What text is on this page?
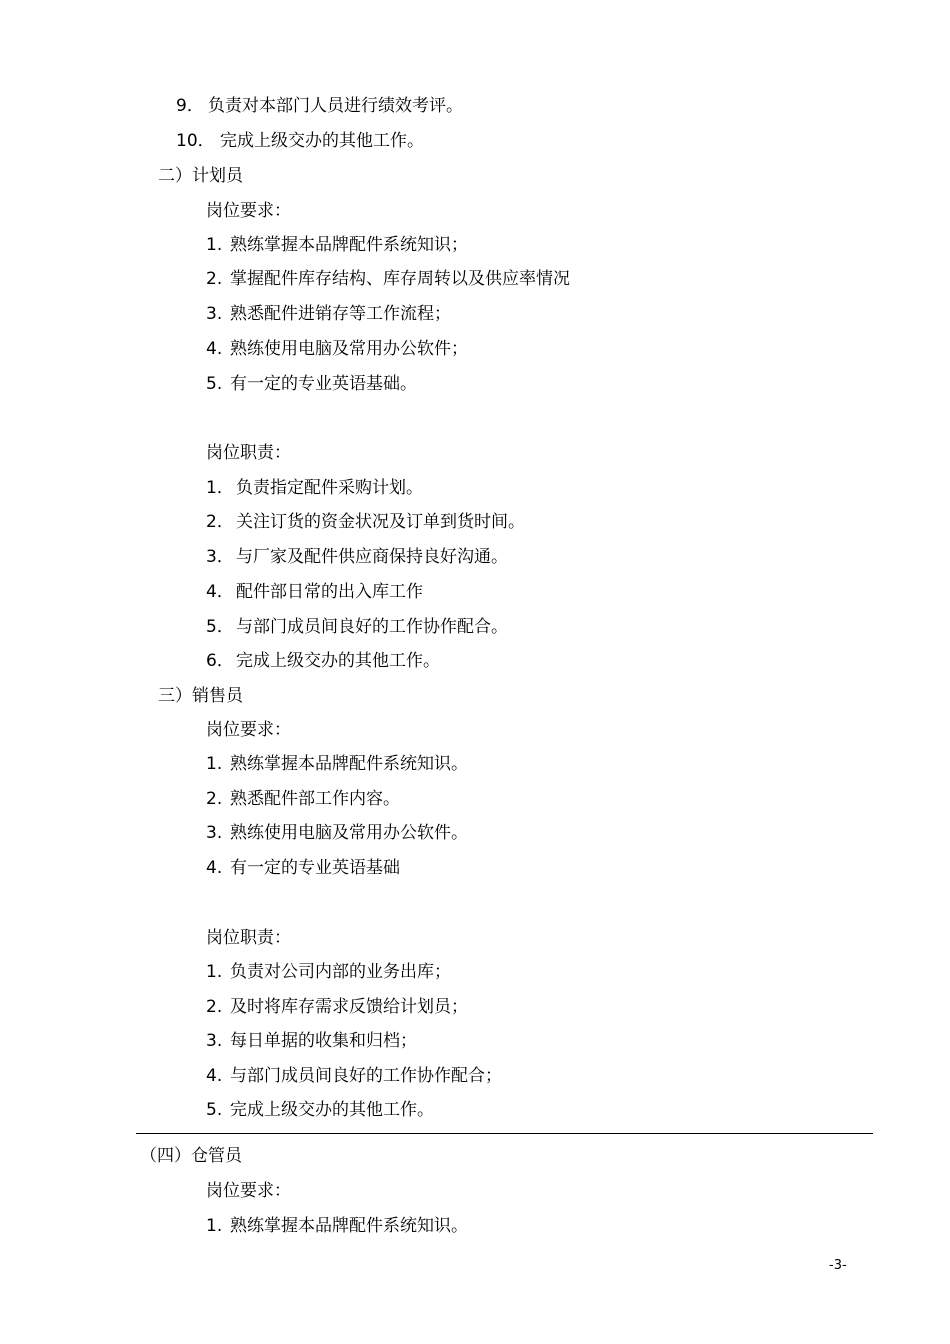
9． 负责对本部门人员进行绩效考评。
10． 完成上级交办的其他工作。
二）计划员
岗位要求：
1. 熟练掌握本品牌配件系统知识；
2. 掌握配件库存结构、库存周转以及供应率情况
3. 熟悉配件进销存等工作流程；
4. 熟练使用电脑及常用办公软件；
5. 有一定的专业英语基础。
岗位职责：
1． 负责指定配件采购计划。
2． 关注订货的资金状况及订单到货时间。
3． 与厂家及配件供应商保持良好沟通。
4． 配件部日常的出入库工作
5． 与部门成员间良好的工作协作配合。
6． 完成上级交办的其他工作。
三）销售员
岗位要求：
1. 熟练掌握本品牌配件系统知识。
2. 熟悉配件部工作内容。
3. 熟练使用电脑及常用办公软件。
4. 有一定的专业英语基础
岗位职责：
1. 负责对公司内部的业务出库；
2. 及时将库存需求反馈给计划员；
3. 每日单据的收集和归档；
4. 与部门成员间良好的工作协作配合；
5. 完成上级交办的其他工作。
（四）仓管员
岗位要求：
1. 熟练掌握本品牌配件系统知识。
-3-
